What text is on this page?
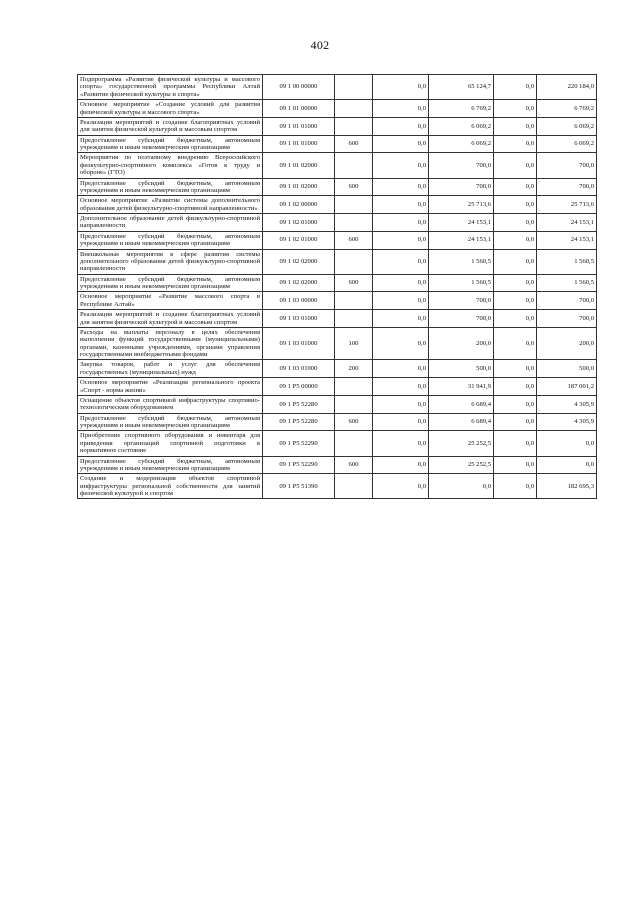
402
Подпрограмма «Развитие физической культуры и массового спорта» государственной программы Республики Алтай «Развитие физической культуры и спорта»	09 1 00 00000		0,0	65 124,7	0,0	220 184,0
Основное мероприятие «Создание условий для развития физической культуры и массового спорта»	09 1 01 00000		0,0	6 769,2	0,0	6 769,2
Реализация мероприятий и создание благоприятных условий для занятия физической культурой и массовым спортом	09 1 01 01000		0,0	6 069,2	0,0	6 069,2
Предоставление субсидий бюджетным, автономным учреждениям и иным некоммерческим организациям	09 1 01 01000	600	0,0	6 069,2	0,0	6 069,2
Мероприятия по поэтапному внедрению Всероссийского физкультурно-спортивного комплекса «Готов к труду и обороне» (ГТО)	09 1 01 02000		0,0	700,0	0,0	700,0
Предоставление субсидий бюджетным, автономным учреждениям и иным некоммерческим организациям	09 1 01 02000	600	0,0	700,0	0,0	700,0
Основное мероприятие «Развитие системы дополнительного образования детей физкультурно-спортивной направленности»	09 1 02 00000		0,0	25 713,6	0,0	25 713,6
Дополнительное образование детей физкультурно-спортивной направленности	09 1 02 01000		0,0	24 153,1	0,0	24 153,1
Предоставление субсидий бюджетным, автономным учреждениям и иным некоммерческим организациям	09 1 02 01000	600	0,0	24 153,1	0,0	24 153,1
Внешкольные мероприятия в сфере развития системы дополнительного образования детей физкультурно-спортивной направленности	09 1 02 02000		0,0	1 560,5	0,0	1 560,5
Предоставление субсидий бюджетным, автономным учреждениям и иным некоммерческим организациям	09 1 02 02000	600	0,0	1 560,5	0,0	1 560,5
Основное мероприятие «Развитие массового спорта в Республике Алтай»	09 1 03 00000		0,0	700,0	0,0	700,0
Реализация мероприятий и создание благоприятных условий для занятия физической культурой и массовым спортом	09 1 03 01000		0,0	700,0	0,0	700,0
Расходы на выплаты персоналу в целях обеспечения выполнения функций государственными (муниципальными) органами, казенными учреждениями, органами управления государственными внебюджетными фондами	09 1 03 01000	100	0,0	200,0	0,0	200,0
Закупка товаров, работ и услуг для обеспечения государственных (муниципальных) нужд	09 1 03 01000	200	0,0	500,0	0,0	500,0
Основное мероприятие «Реализация регионального проекта «Спорт - норма жизни»	09 1 P5 00000		0,0	31 941,9	0,0	187 001,2
Оснащение объектов спортивной инфраструктуры спортивно-технологическим оборудованием	09 1 P5 52280		0,0	6 689,4	0,0	4 305,9
Предоставление субсидий бюджетным, автономным учреждениям и иным некоммерческим организациям	09 1 P5 52280	600	0,0	6 689,4	0,0	4 305,9
Приобретение спортивного оборудования и инвентаря для приведения организаций спортивной подготовки в нормативное состояние	09 1 P5 52290		0,0	25 252,5	0,0	0,0
Предоставление субсидий бюджетным, автономным учреждениям и иным некоммерческим организациям	09 1 P5 52290	600	0,0	25 252,5	0,0	0,0
Создание и модернизация объектов спортивной инфраструктуры региональной собственности для занятий физической культурой и спортом	09 1 P5 51390		0,0	0,0	0,0	182 695,3
